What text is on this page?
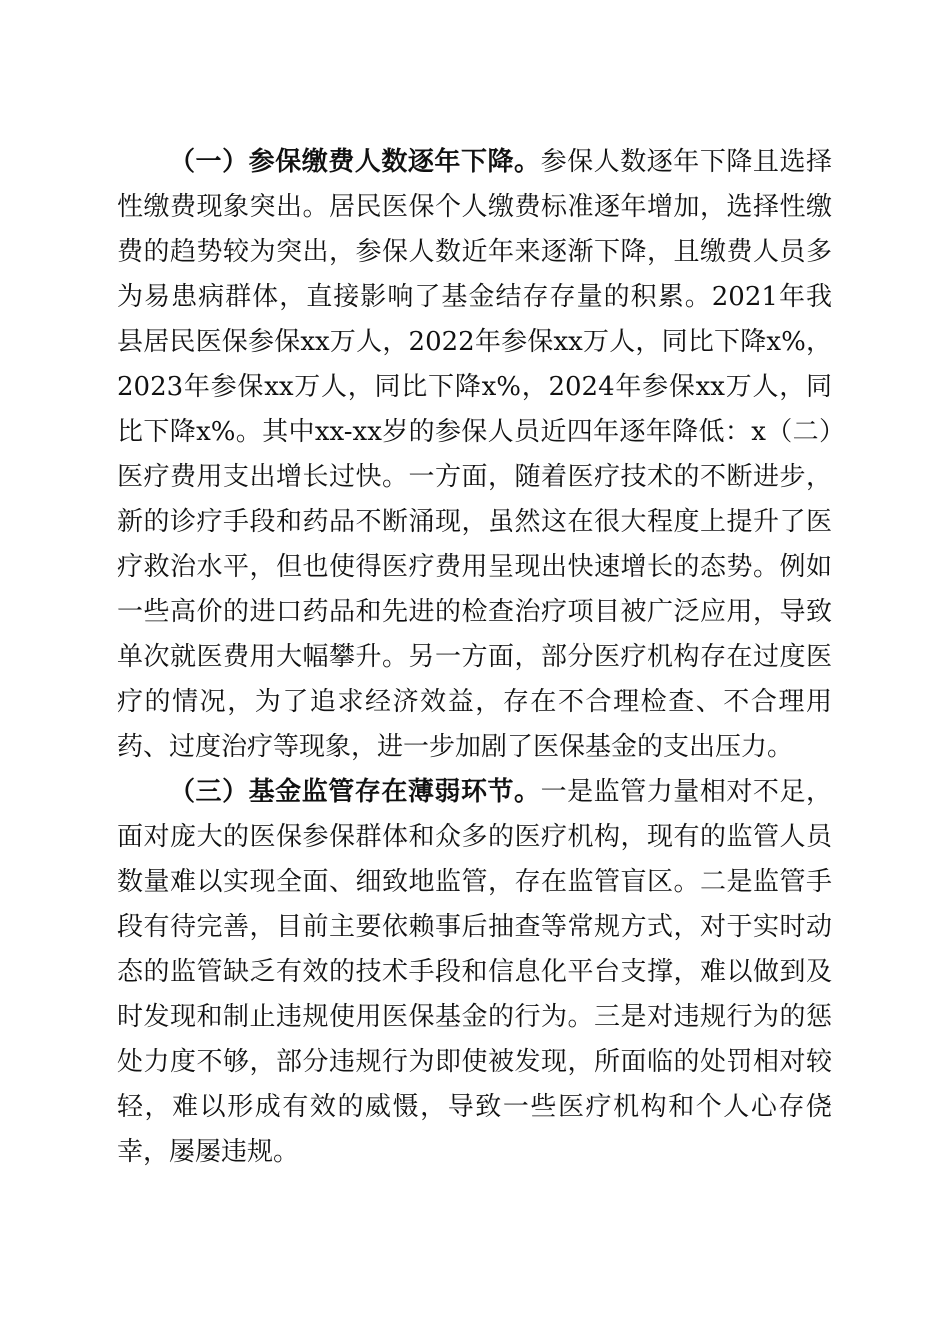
（一）参保缴费人数逐年下降。参保人数逐年下降且选择性缴费现象突出。居民医保个人缴费标准逐年增加，选择性缴费的趋势较为突出，参保人数近年来逐渐下降，且缴费人员多为易患病群体，直接影响了基金结存存量的积累。2021年我县居民医保参保xx万人，2022年参保xx万人，同比下降x%，2023年参保xx万人，同比下降x%，2024年参保xx万人，同比下降x%。其中xx-xx岁的参保人员近四年逐年降低：x（二）医疗费用支出增长过快。一方面，随着医疗技术的不断进步，新的诊疗手段和药品不断涌现，虽然这在很大程度上提升了医疗救治水平，但也使得医疗费用呈现出快速增长的态势。例如一些高价的进口药品和先进的检查治疗项目被广泛应用，导致单次就医费用大幅攀升。另一方面，部分医疗机构存在过度医疗的情况，为了追求经济效益，存在不合理检查、不合理用药、过度治疗等现象，进一步加剧了医保基金的支出压力。

（三）基金监管存在薄弱环节。一是监管力量相对不足，面对庞大的医保参保群体和众多的医疗机构，现有的监管人员数量难以实现全面、细致地监管，存在监管盲区。二是监管手段有待完善，目前主要依赖事后抽查等常规方式，对于实时动态的监管缺乏有效的技术手段和信息化平台支撑，难以做到及时发现和制止违规使用医保基金的行为。三是对违规行为的惩处力度不够，部分违规行为即使被发现，所面临的处罚相对较轻，难以形成有效的威慑，导致一些医疗机构和个人心存侥幸，屡屡违规。
